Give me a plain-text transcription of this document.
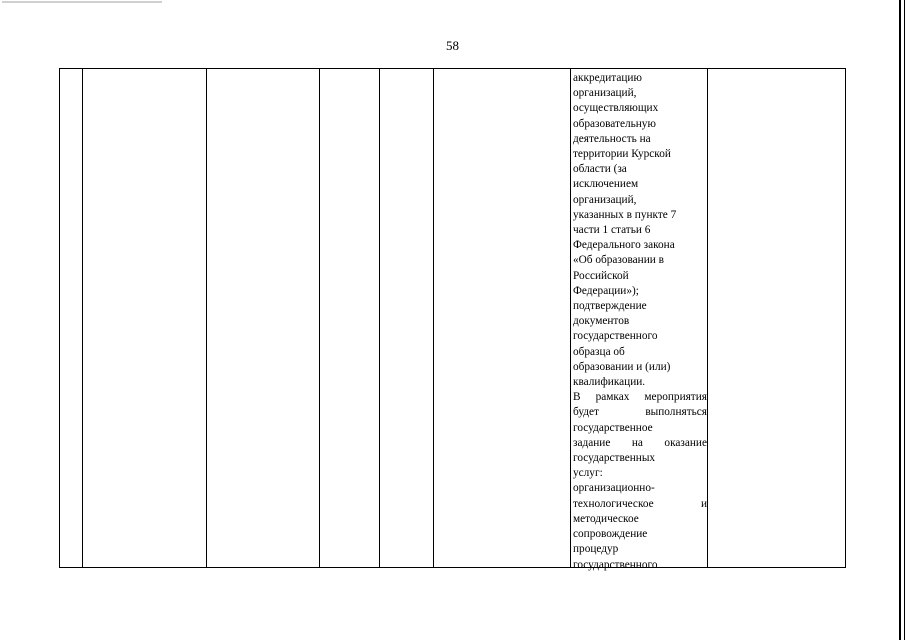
58

аккредитацию

организаций,

осуществляющих

образовательную

деятельность на

территории Курской

области (за

исключением

организаций,

указанных в пункте 7

части 1 статьи 6

Федерального закона

«Об образовании в

Российской

Федерации»);

подтверждение

документов

государственного

образца об

образовании и (или)

квалификации.

В рамках мероприятия

будет выполняться

государственное

задание на оказание

государственных

услуг:

организационно-

технологическое и

методическое

сопровождение

процедур

государственного
